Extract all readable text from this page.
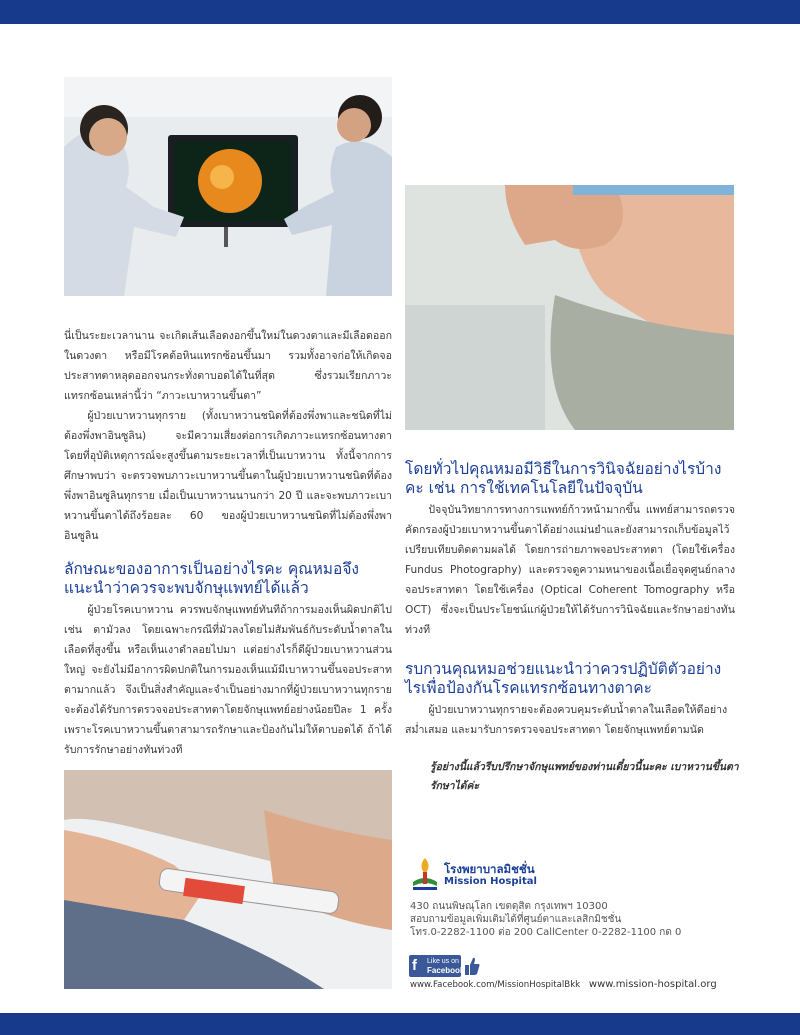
นี่เป็นระยะเวลานาน จะเกิดเส้นเลือดงอกขึ้นใหม่ในดวงตาและมีเลือดออกในดวงตา หรือมีโรคต้อหินแทรกซ้อนขึ้นมา รวมทั้งอาจก่อให้เกิดจอประสาทตาหลุดออกจนกระทั่งตาบอดได้ในที่สุด ซึ่งรวมเรียกภาวะแทรกซ้อนเหล่านี้ว่า “ภาวะเบาหวานขึ้นตา”

ผู้ป่วยเบาหวานทุกราย (ทั้งเบาหวานชนิดที่ต้องพึ่งพาและชนิดที่ไม่ต้องพึ่งพาอินซูลิน) จะมีความเสี่ยงต่อการเกิดภาวะแทรกซ้อนทางตาโดยที่อุบัติเหตุการณ์จะสูงขึ้นตามระยะเวลาที่เป็นเบาหวาน ทั้งนี้จากการศึกษาพบว่า จะตรวจพบภาวะเบาหวานขึ้นตาในผู้ป่วยเบาหวานชนิดที่ต้องพึ่งพาอินซูลินทุกราย เมื่อเป็นเบาหวานนานกว่า 20 ปี และจะพบภาวะเบาหวานขึ้นตาได้ถึงร้อยละ 60 ของผู้ป่วยเบาหวานชนิดที่ไม่ต้องพึ่งพาอินซูลิน

ลักษณะของอาการเป็นอย่างไรคะ คุณหมอจึงแนะนำว่าควรจะพบจักษุแพทย์ได้แล้ว

ผู้ป่วยโรคเบาหวาน ควรพบจักษุแพทย์ทันทีถ้าการมองเห็นผิดปกติไป เช่น ตามัวลง โดยเฉพาะกรณีที่มัวลงโดยไม่สัมพันธ์กับระดับน้ำตาลในเลือดที่สูงขึ้น หรือเห็นเงาดำลอยไปมา แต่อย่างไรก็ดีผู้ป่วยเบาหวานส่วนใหญ่ จะยังไม่มีอาการผิดปกติในการมองเห็นแม้มีเบาหวานขึ้นจอประสาทตามากแล้ว จึงเป็นสิ่งสำคัญและจำเป็นอย่างมากที่ผู้ป่วยเบาหวานทุกราย จะต้องได้รับการตรวจจอประสาทตาโดยจักษุแพทย์อย่างน้อยปีละ 1 ครั้ง เพราะโรคเบาหวานขึ้นตาสามารถรักษาและป้องกันไม่ให้ตาบอดได้ ถ้าได้รับการรักษาอย่างทันท่วงที

โดยทั่วไปคุณหมอมีวิธีในการวินิจฉัยอย่างไรบ้างคะ เช่น การใช้เทคโนโลยีในปัจจุบัน

ปัจจุบันวิทยาการทางการแพทย์ก้าวหน้ามากขึ้น แพทย์สามารถตรวจคัดกรองผู้ป่วยเบาหวานขึ้นตาได้อย่างแม่นยำและยังสามารถเก็บข้อมูลไว้เปรียบเทียบติดตามผลได้ โดยการถ่ายภาพจอประสาทตา (โดยใช้เครื่อง Fundus Photography) และตรวจดูความหนาของเนื้อเยื่อจุดศูนย์กลางจอประสาทตา โดยใช้เครื่อง (Optical Coherent Tomography หรือ OCT) ซึ่งจะเป็นประโยชน์แก่ผู้ป่วยให้ได้รับการวินิจฉัยและรักษาอย่างทันท่วงที

รบกวนคุณหมอช่วยแนะนำว่าควรปฏิบัติตัวอย่างไรเพื่อป้องกันโรคแทรกซ้อนทางตาคะ

ผู้ป่วยเบาหวานทุกรายจะต้องควบคุมระดับน้ำตาลในเลือดให้ดีอย่างสม่ำเสมอ และมารับการตรวจจอประสาทตา โดยจักษุแพทย์ตามนัด

รู้อย่างนี้แล้วรีบปรึกษาจักษุแพทย์ของท่านเดี๋ยวนี้นะคะ เบาหวานขึ้นตารักษาได้ค่ะ

โรงพยาบาลมิชชั่น
Mission Hospital

430 ถนนพิษณุโลก เขตดุสิต กรุงเทพฯ 10300

สอบถามข้อมูลเพิ่มเติมได้ที่ศูนย์ตาและเลสิกมิชชั่น

โทร.0-2282-1100 ต่อ 200 CallCenter 0-2282-1100 กด 0

f	Like us on
Facebook
www.Facebook.com/MissionHospitalBkk www.mission-hospital.org
